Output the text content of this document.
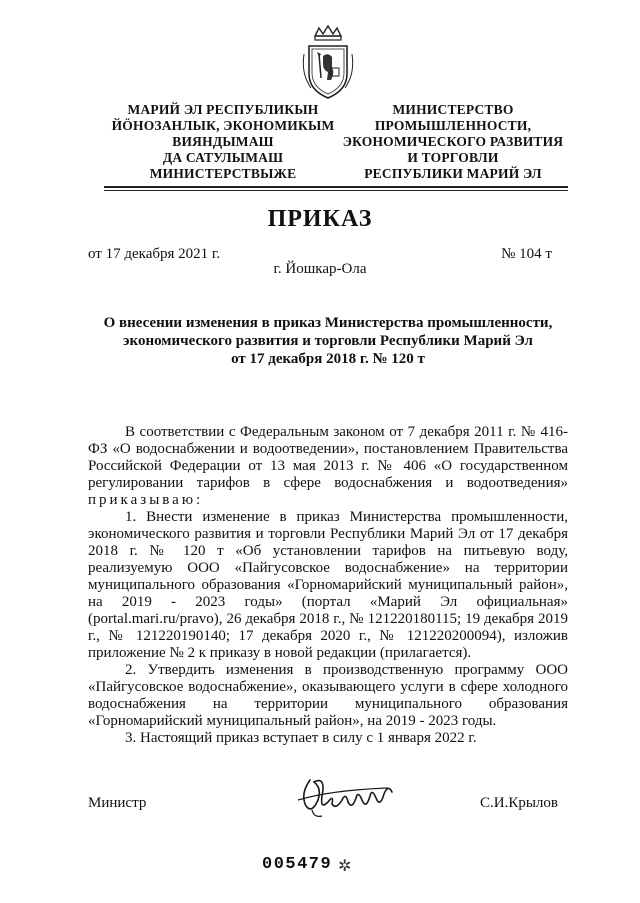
МАРИЙ ЭЛ РЕСПУБЛИКЫН
ЙӦНОЗАНЛЫК, ЭКОНОМИКЫМ
ВИЯНДЫМАШ
ДА САТУЛЫМАШ
МИНИСТЕРСТВЫЖЕ
МИНИСТЕРСТВО
ПРОМЫШЛЕННОСТИ,
ЭКОНОМИЧЕСКОГО РАЗВИТИЯ
И ТОРГОВЛИ
РЕСПУБЛИКИ МАРИЙ ЭЛ
ПРИКАЗ
от 17 декабря 2021 г.	№ 104 т
г. Йошкар-Ола
О внесении изменения в приказ Министерства промышленности,
экономического развития и торговли Республики Марий Эл
от 17 декабря 2018 г. № 120 т

В соответствии с Федеральным законом от 7 декабря 2011 г. № 416-ФЗ «О водоснабжении и водоотведении», постановлением Правительства Российской Федерации от 13 мая 2013 г. № 406 «О государственном регулировании тарифов в сфере водоснабжения и водоотведения» приказываю:

1. Внести изменение в приказ Министерства промышленности, экономического развития и торговли Республики Марий Эл от 17 декабря 2018 г. № 120 т «Об установлении тарифов на питьевую воду, реализуемую ООО «Пайгусовское водоснабжение» на территории муниципального образования «Горномарийский муниципальный район», на 2019 - 2023 годы» (портал «Марий Эл официальная» (portal.mari.ru/pravo), 26 декабря 2018 г., № 121220180115; 19 декабря 2019 г., № 121220190140; 17 декабря 2020 г., № 121220200094), изложив приложение № 2 к приказу в новой редакции (прилагается).

2. Утвердить изменения в производственную программу ООО «Пайгусовское водоснабжение», оказывающего услуги в сфере холодного водоснабжения на территории муниципального образования «Горномарийский муниципальный район», на 2019 - 2023 годы.

3. Настоящий приказ вступает в силу с 1 января 2022 г.

Министр	С.И.Крылов
005479 ✲
